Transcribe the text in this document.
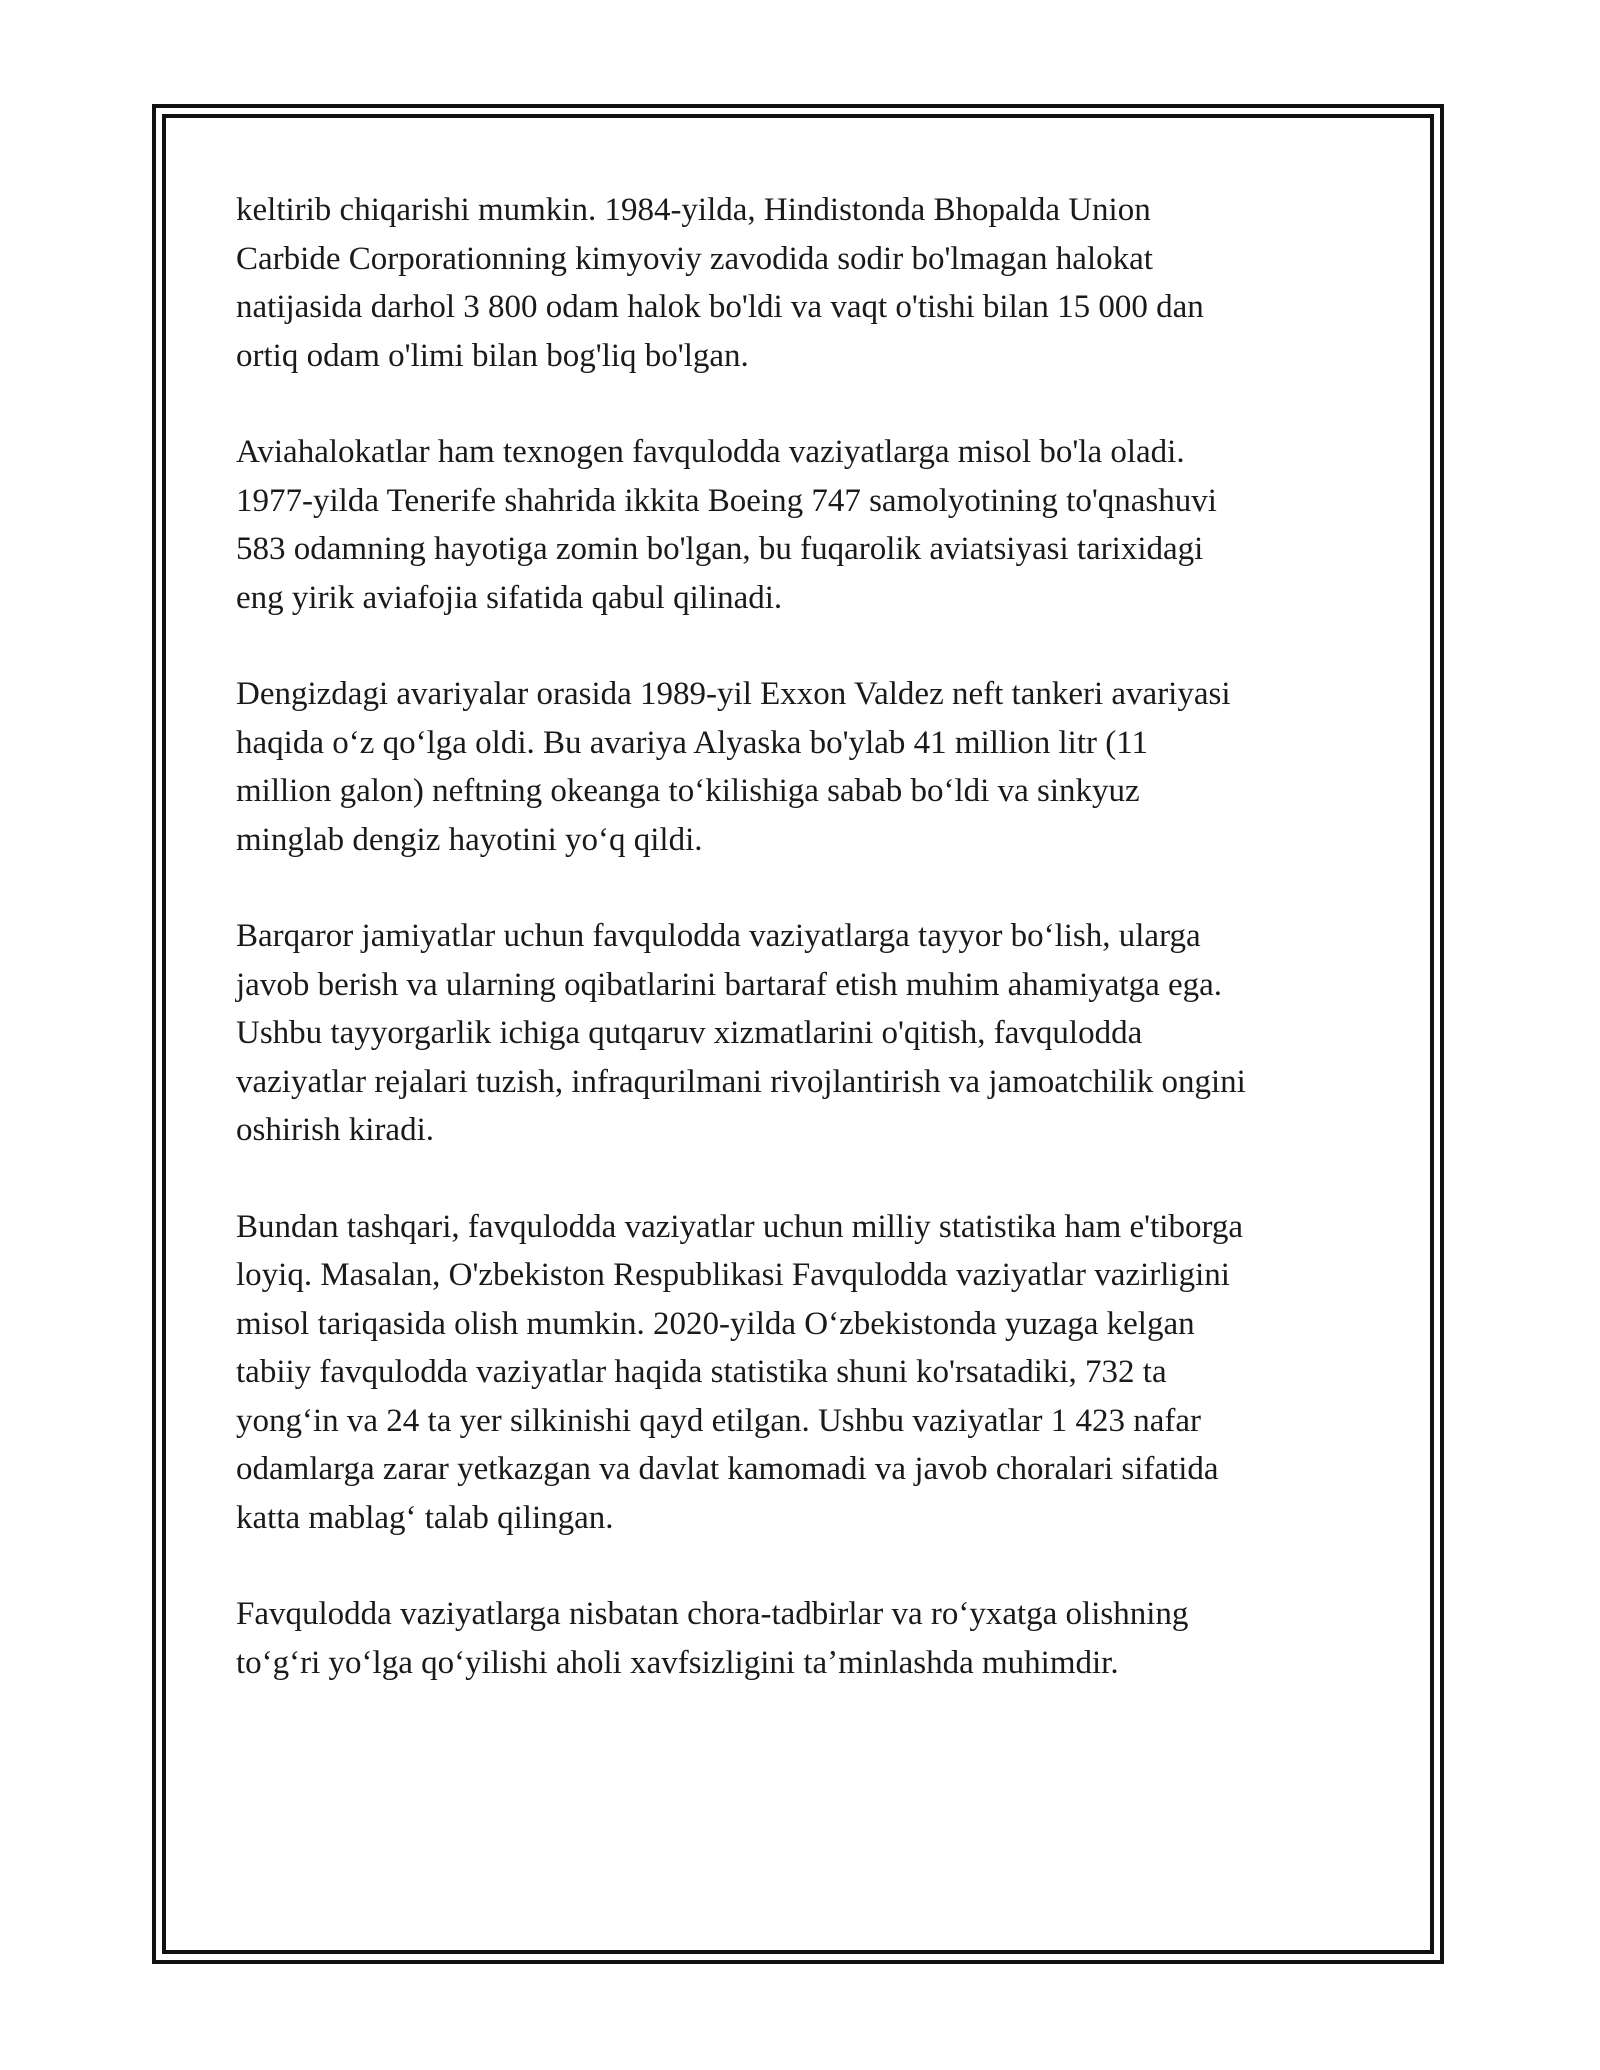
keltirib chiqarishi mumkin. 1984-yilda, Hindistonda Bhopalda Union
Carbide Corporationning kimyoviy zavodida sodir bo'lmagan halokat
natijasida darhol 3 800 odam halok bo'ldi va vaqt o'tishi bilan 15 000 dan
ortiq odam o'limi bilan bog'liq bo'lgan.

Aviahalokatlar ham texnogen favqulodda vaziyatlarga misol bo'la oladi.
1977-yilda Tenerife shahrida ikkita Boeing 747 samolyotining to'qnashuvi
583 odamning hayotiga zomin bo'lgan, bu fuqarolik aviatsiyasi tarixidagi
eng yirik aviafojia sifatida qabul qilinadi.

Dengizdagi avariyalar orasida 1989-yil Exxon Valdez neft tankeri avariyasi
haqida oʻz qoʻlga oldi. Bu avariya Alyaska bo'ylab 41 million litr (11
million galon) neftning okeanga toʻkilishiga sabab boʻldi va sinkyuz
minglab dengiz hayotini yoʻq qildi.

Barqaror jamiyatlar uchun favqulodda vaziyatlarga tayyor boʻlish, ularga
javob berish va ularning oqibatlarini bartaraf etish muhim ahamiyatga ega.
Ushbu tayyorgarlik ichiga qutqaruv xizmatlarini o'qitish, favqulodda
vaziyatlar rejalari tuzish, infraqurilmani rivojlantirish va jamoatchilik ongini
oshirish kiradi.

Bundan tashqari, favqulodda vaziyatlar uchun milliy statistika ham e'tiborga
loyiq. Masalan, O'zbekiston Respublikasi Favqulodda vaziyatlar vazirligini
misol tariqasida olish mumkin. 2020-yilda Oʻzbekistonda yuzaga kelgan
tabiiy favqulodda vaziyatlar haqida statistika shuni ko'rsatadiki, 732 ta
yongʻin va 24 ta yer silkinishi qayd etilgan. Ushbu vaziyatlar 1 423 nafar
odamlarga zarar yetkazgan va davlat kamomadi va javob choralari sifatida
katta mablagʻ talab qilingan.

Favqulodda vaziyatlarga nisbatan chora-tadbirlar va roʻyxatga olishning
toʻgʻri yoʻlga qoʻyilishi aholi xavfsizligini taʼminlashda muhimdir.
